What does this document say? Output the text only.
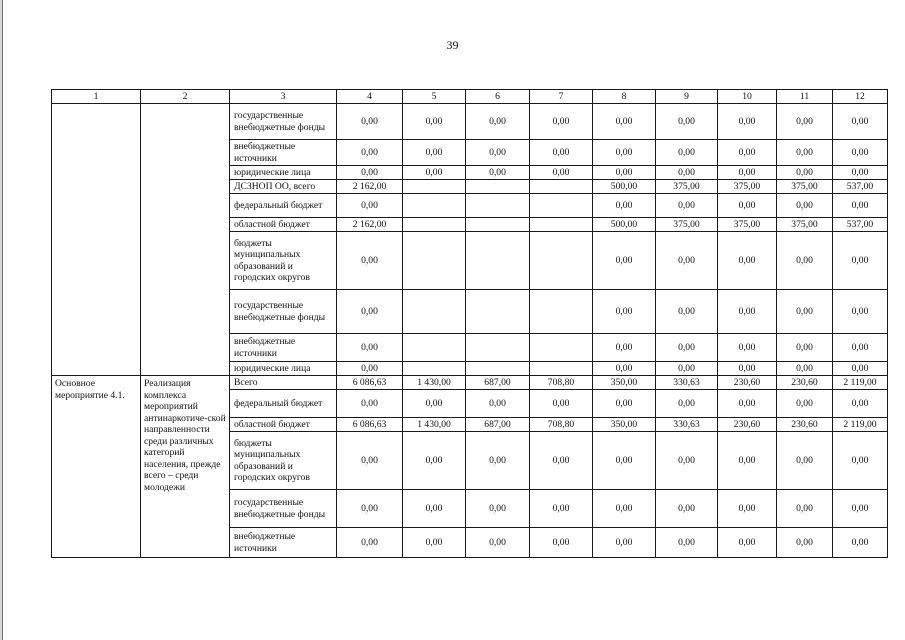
39
1	2	3	4	5	6	7	8	9	10	11	12
		государственные внебюджетные фонды	0,00	0,00	0,00	0,00	0,00	0,00	0,00	0,00	0,00
		внебюджетные источники	0,00	0,00	0,00	0,00	0,00	0,00	0,00	0,00	0,00
		юридические лица	0,00	0,00	0,00	0,00	0,00	0,00	0,00	0,00	0,00
		ДСЗНОП ОО, всего	2 162,00				500,00	375,00	375,00	375,00	537,00
		федеральный бюджет	0,00				0,00	0,00	0,00	0,00	0,00
		областной бюджет	2 162,00				500,00	375,00	375,00	375,00	537,00
		бюджеты муниципальных образований и городских округов	0,00				0,00	0,00	0,00	0,00	0,00
		государственные внебюджетные фонды	0,00				0,00	0,00	0,00	0,00	0,00
		внебюджетные источники	0,00				0,00	0,00	0,00	0,00	0,00
		юридические лица	0,00				0,00	0,00	0,00	0,00	0,00
Основное мероприятие 4.1.	Реализация комплекса мероприятий антинаркотиче-ской направленности среди различных категорий населения, прежде всего – среди молодежи	Всего	6 086,63	1 430,00	687,00	708,80	350,00	330,63	230,60	230,60	2 119,00
		федеральный бюджет	0,00	0,00	0,00	0,00	0,00	0,00	0,00	0,00	0,00
		областной бюджет	6 086,63	1 430,00	687,00	708,80	350,00	330,63	230,60	230,60	2 119,00
		бюджеты муниципальных образований и городских округов	0,00	0,00	0,00	0,00	0,00	0,00	0,00	0,00	0,00
		государственные внебюджетные фонды	0,00	0,00	0,00	0,00	0,00	0,00	0,00	0,00	0,00
		внебюджетные источники	0,00	0,00	0,00	0,00	0,00	0,00	0,00	0,00	0,00
